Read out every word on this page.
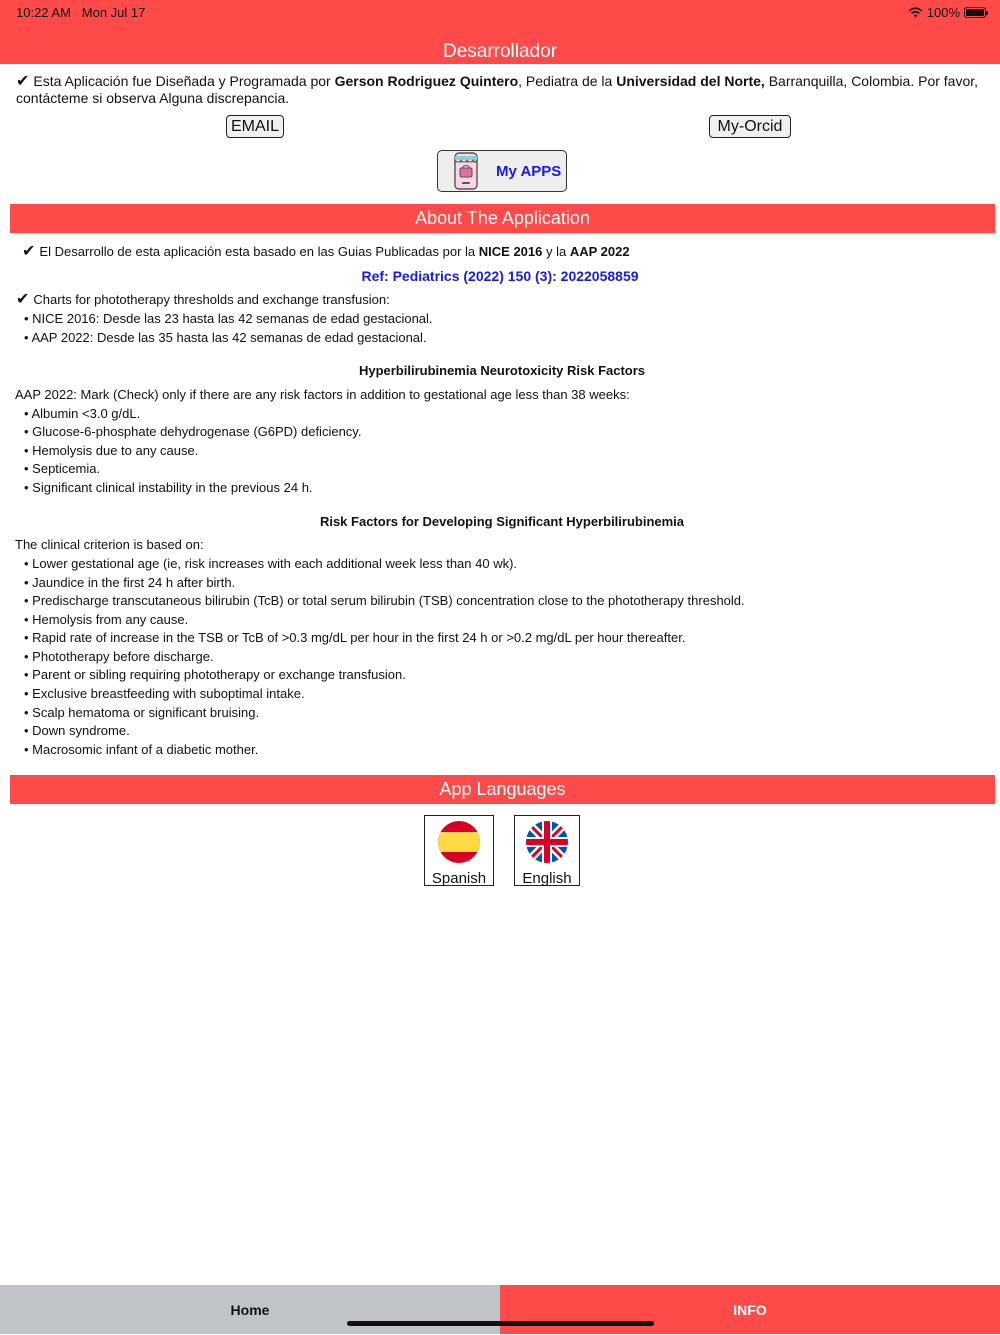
10:22 AM Mon Jul 17	100%
Desarrollador
✔ Esta Aplicación fue Diseñada y Programada por Gerson Rodriguez Quintero, Pediatra de la Universidad del Norte, Barranquilla, Colombia. Por favor, contácteme si observa Alguna discrepancia.
EMAIL	My-Orcid
My APPS
About The Application
✔ El Desarrollo de esta aplicación esta basado en las Guias Publicadas por la NICE 2016 y la AAP 2022
Ref: Pediatrics (2022) 150 (3): 2022058859
✔ Charts for phototherapy thresholds and exchange transfusion:
• NICE 2016: Desde las 23 hasta las 42 semanas de edad gestacional.
• AAP 2022: Desde las 35 hasta las 42 semanas de edad gestacional.
Hyperbilirubinemia Neurotoxicity Risk Factors
AAP 2022: Mark (Check) only if there are any risk factors in addition to gestational age less than 38 weeks:
• Albumin <3.0 g/dL.
• Glucose-6-phosphate dehydrogenase (G6PD) deficiency.
• Hemolysis due to any cause.
• Septicemia.
• Significant clinical instability in the previous 24 h.
Risk Factors for Developing Significant Hyperbilirubinemia
The clinical criterion is based on:
• Lower gestational age (ie, risk increases with each additional week less than 40 wk).
• Jaundice in the first 24 h after birth.
• Predischarge transcutaneous bilirubin (TcB) or total serum bilirubin (TSB) concentration close to the phototherapy threshold.
• Hemolysis from any cause.
• Rapid rate of increase in the TSB or TcB of >0.3 mg/dL per hour in the first 24 h or >0.2 mg/dL per hour thereafter.
• Phototherapy before discharge.
• Parent or sibling requiring phototherapy or exchange transfusion.
• Exclusive breastfeeding with suboptimal intake.
• Scalp hematoma or significant bruising.
• Down syndrome.
• Macrosomic infant of a diabetic mother.
App Languages
Spanish	English
Home	INFO
